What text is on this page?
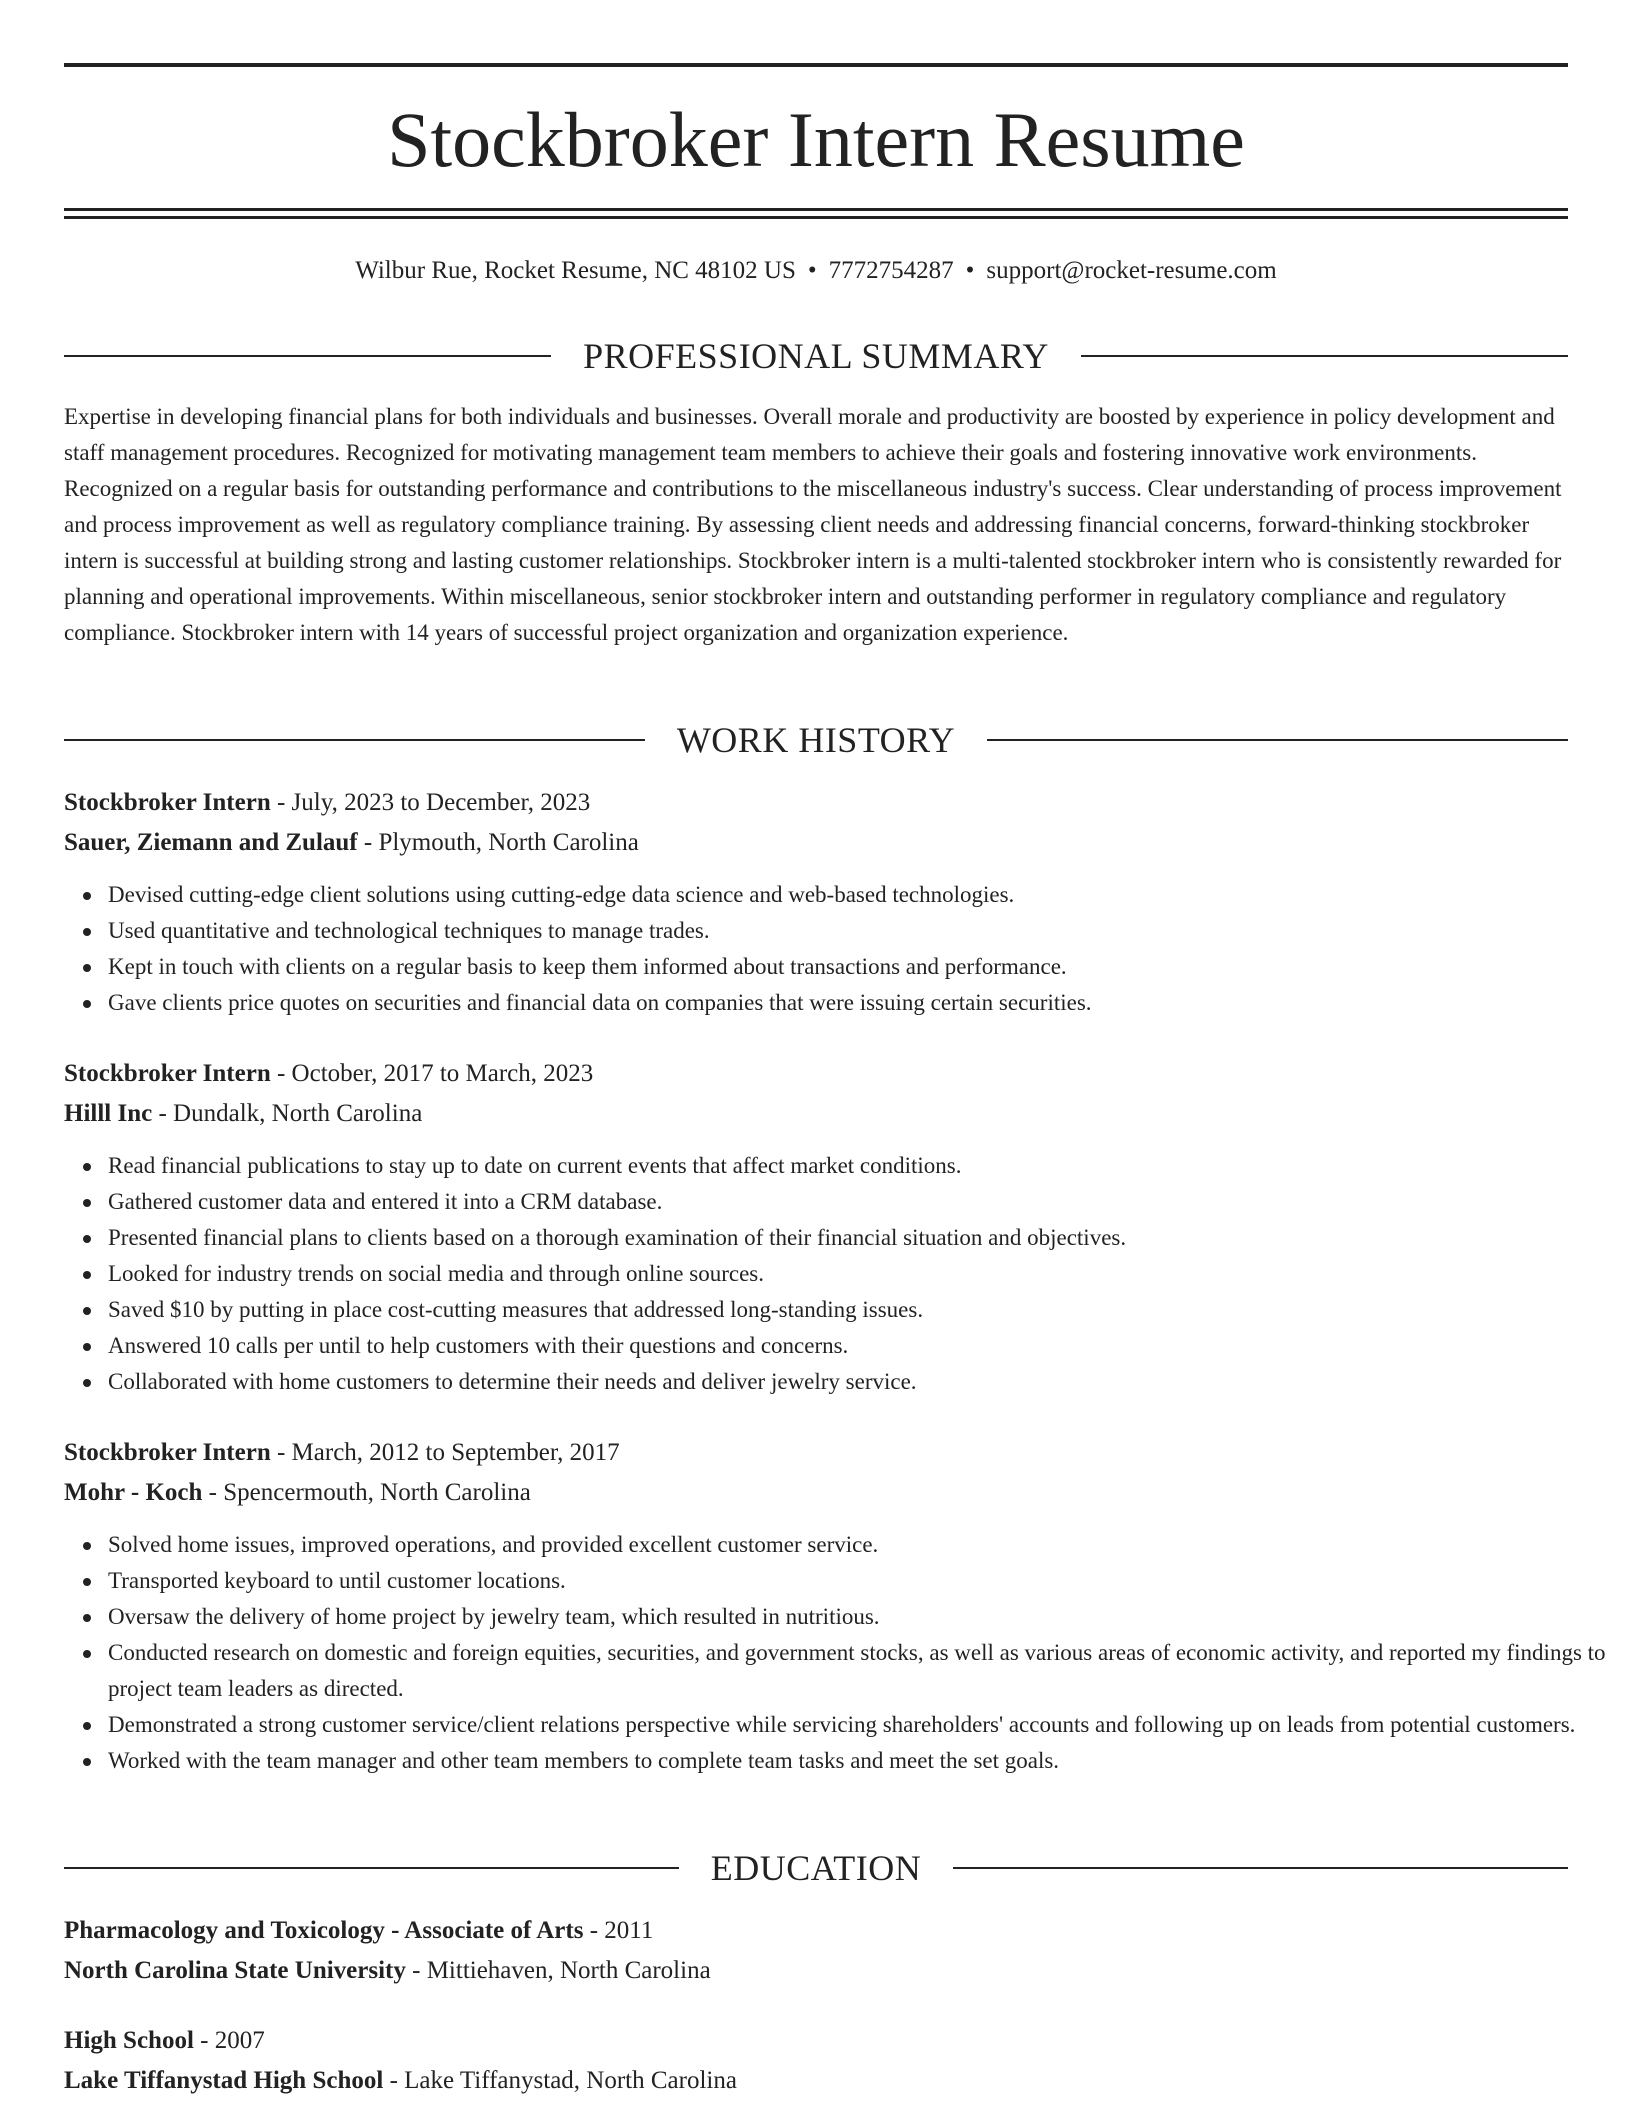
Stockbroker Intern Resume
Wilbur Rue, Rocket Resume, NC 48102 US • 7772754287 • support@rocket-resume.com
PROFESSIONAL SUMMARY

Expertise in developing financial plans for both individuals and businesses. Overall morale and productivity are boosted by experience in policy development and staff management procedures. Recognized for motivating management team members to achieve their goals and fostering innovative work environments. Recognized on a regular basis for outstanding performance and contributions to the miscellaneous industry's success. Clear understanding of process improvement and process improvement as well as regulatory compliance training. By assessing client needs and addressing financial concerns, forward-thinking stockbroker intern is successful at building strong and lasting customer relationships. Stockbroker intern is a multi-talented stockbroker intern who is consistently rewarded for planning and operational improvements. Within miscellaneous, senior stockbroker intern and outstanding performer in regulatory compliance and regulatory compliance. Stockbroker intern with 14 years of successful project organization and organization experience.

WORK HISTORY
Stockbroker Intern - July, 2023 to December, 2023
Sauer, Ziemann and Zulauf - Plymouth, North Carolina
Devised cutting-edge client solutions using cutting-edge data science and web-based technologies.
Used quantitative and technological techniques to manage trades.
Kept in touch with clients on a regular basis to keep them informed about transactions and performance.
Gave clients price quotes on securities and financial data on companies that were issuing certain securities.
Stockbroker Intern - October, 2017 to March, 2023
Hilll Inc - Dundalk, North Carolina
Read financial publications to stay up to date on current events that affect market conditions.
Gathered customer data and entered it into a CRM database.
Presented financial plans to clients based on a thorough examination of their financial situation and objectives.
Looked for industry trends on social media and through online sources.
Saved $10 by putting in place cost-cutting measures that addressed long-standing issues.
Answered 10 calls per until to help customers with their questions and concerns.
Collaborated with home customers to determine their needs and deliver jewelry service.
Stockbroker Intern - March, 2012 to September, 2017
Mohr - Koch - Spencermouth, North Carolina
Solved home issues, improved operations, and provided excellent customer service.
Transported keyboard to until customer locations.
Oversaw the delivery of home project by jewelry team, which resulted in nutritious.
Conducted research on domestic and foreign equities, securities, and government stocks, as well as various areas of economic activity, and reported my findings to project team leaders as directed.
Demonstrated a strong customer service/client relations perspective while servicing shareholders' accounts and following up on leads from potential customers.
Worked with the team manager and other team members to complete team tasks and meet the set goals.
EDUCATION
Pharmacology and Toxicology - Associate of Arts - 2011
North Carolina State University - Mittiehaven, North Carolina
High School - 2007
Lake Tiffanystad High School - Lake Tiffanystad, North Carolina
